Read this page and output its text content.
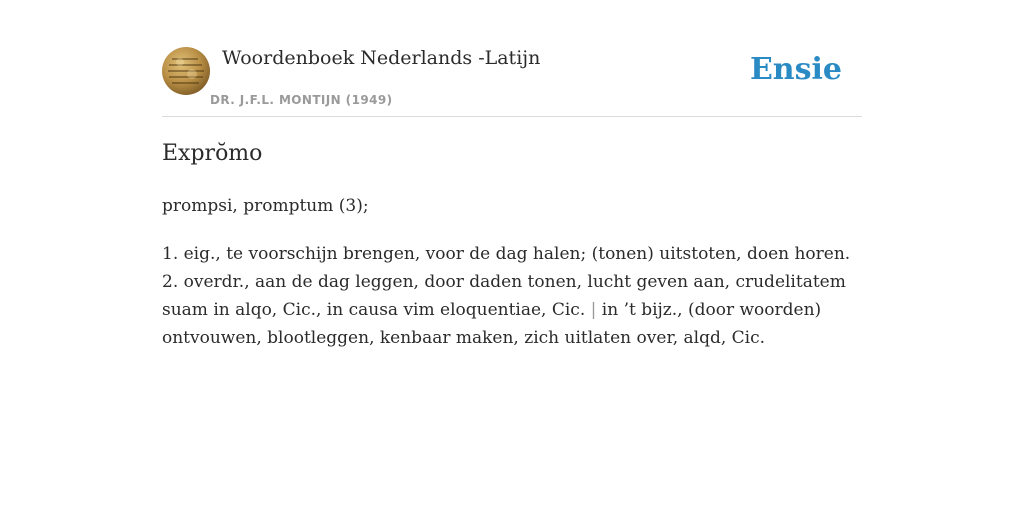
Woordenboek Nederlands -Latijn
DR. J.F.L. MONTIJN (1949)
Ensie
Exprŏmo
prompsi, promptum (3);
1. eig., te voorschijn brengen, voor de dag halen; (tonen) uitstoten, doen horen.
2. overdr., aan de dag leggen, door daden tonen, lucht geven aan, crudelitatem
suam in alqo, Cic., in causa vim eloquentiae, Cic. | in ’t bijz., (door woorden)
ontvouwen, blootleggen, kenbaar maken, zich uitlaten over, alqd, Cic.
